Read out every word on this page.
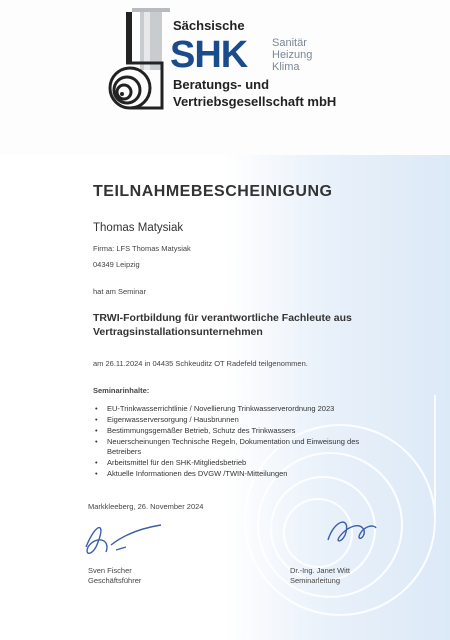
Sächsische
SHK Sanitär
Heizung
Klima
Beratungs- und
Vertriebsgesellschaft mbH
TEILNAHMEBESCHEINIGUNG
Thomas Matysiak
Firma: LFS Thomas Matysiak
04349 Leipzig
hat am Seminar
TRWI-Fortbildung für verantwortliche Fachleute aus
Vertragsinstallationsunternehmen
am 26.11.2024 in 04435 Schkeuditz OT Radefeld teilgenommen.
Seminarinhalte:
• EU-Trinkwasserrichtlinie / Novellierung Trinkwasserverordnung 2023
• Eigenwasserversorgung / Hausbrunnen
• Bestimmungsgemäßer Betrieb, Schutz des Trinkwassers
• Neuerscheinungen Technische Regeln, Dokumentation und Einweisung des Betreibers
• Arbeitsmittel für den SHK-Mitgliedsbetrieb
• Aktuelle Informationen des DVGW /TWIN-Mitteilungen
Markkleeberg, 26. November 2024
Sven Fischer
Geschäftsführer
Dr.-Ing. Janet Witt
Seminarleitung
